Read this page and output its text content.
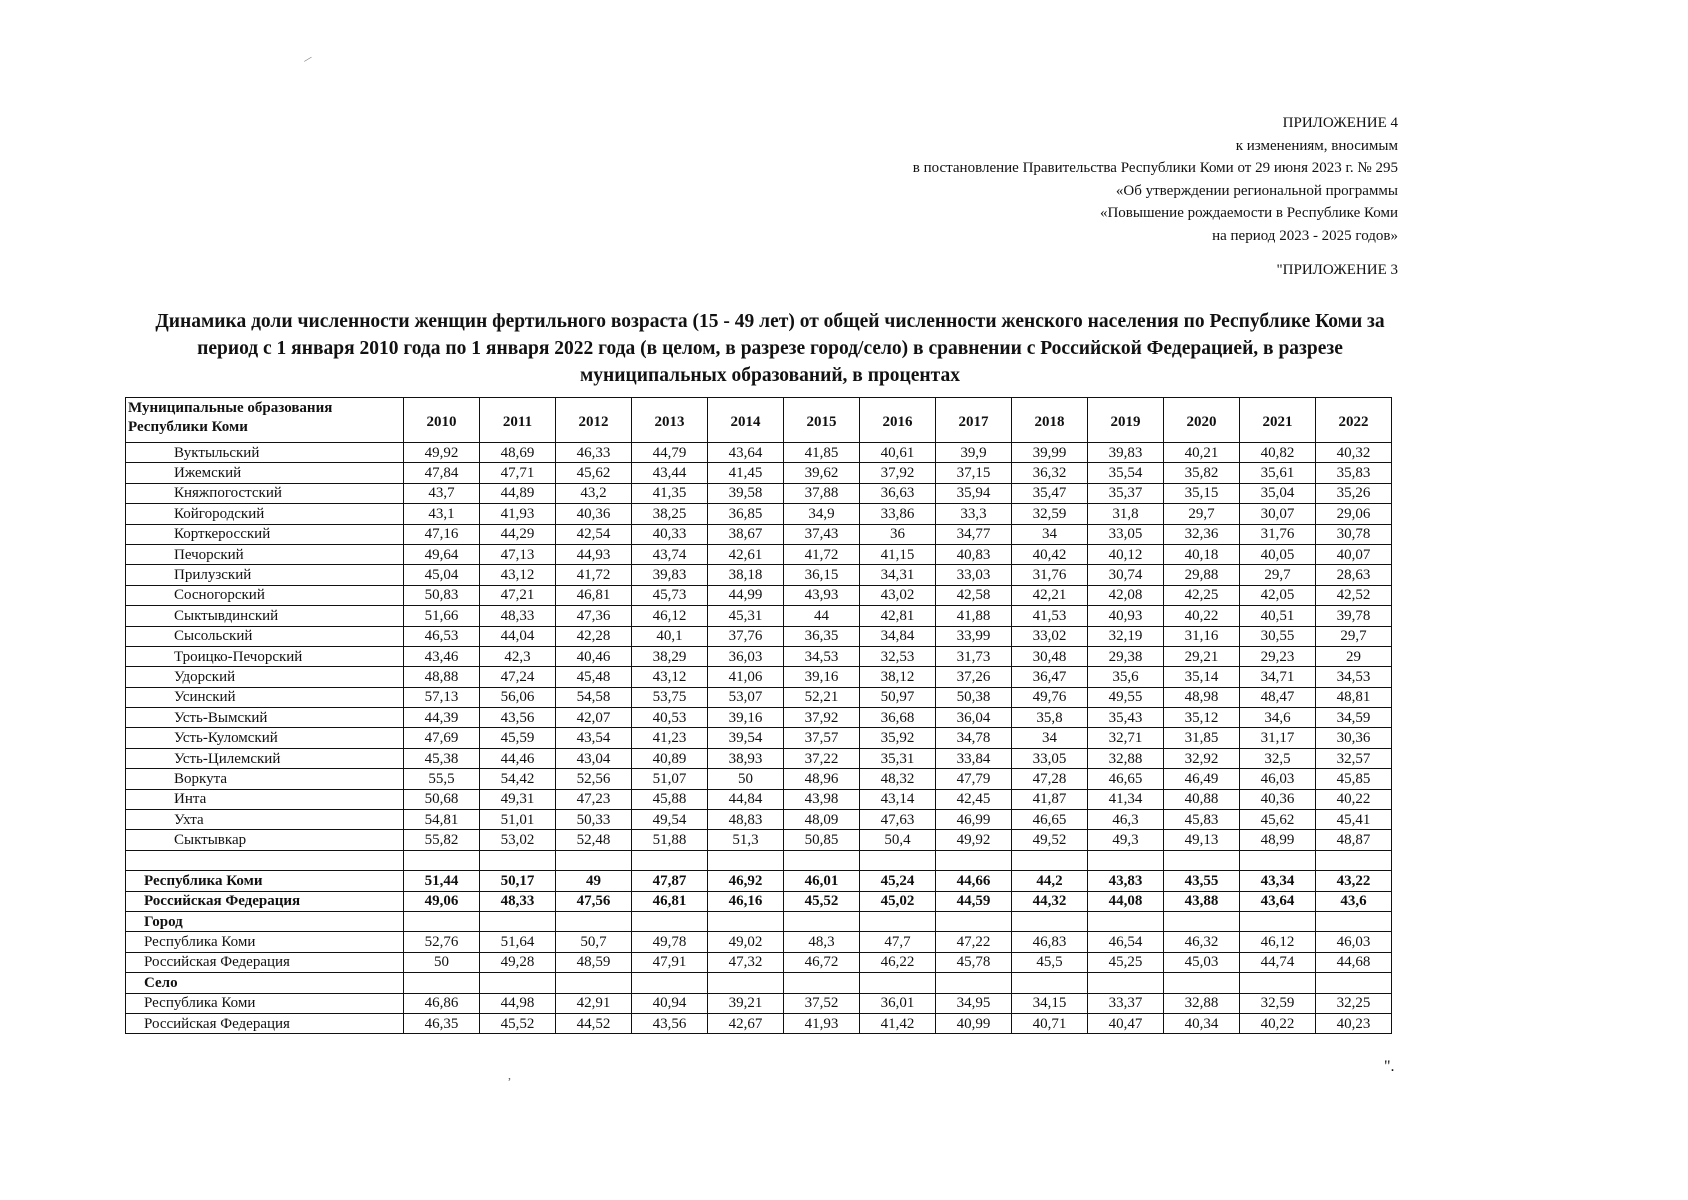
ПРИЛОЖЕНИЕ 4
к изменениям, вносимым
в постановление Правительства Республики Коми от 29 июня 2023 г. № 295
«Об утверждении региональной программы
«Повышение рождаемости в Республике Коми
на период 2023 - 2025 годов»
"ПРИЛОЖЕНИЕ 3
Динамика доли численности женщин фертильного возраста (15 - 49 лет) от общей численности женского населения по Республике Коми за период с 1 января 2010 года по 1 января 2022 года (в целом, в разрезе город/село) в сравнении с Российской Федерацией, в разрезе муниципальных образований, в процентах
Муниципальные образования
Республики Коми	2010	2011	2012	2013	2014	2015	2016	2017	2018	2019	2020	2021	2022
Вуктыльский	49,92	48,69	46,33	44,79	43,64	41,85	40,61	39,9	39,99	39,83	40,21	40,82	40,32
Ижемский	47,84	47,71	45,62	43,44	41,45	39,62	37,92	37,15	36,32	35,54	35,82	35,61	35,83
Княжпогостский	43,7	44,89	43,2	41,35	39,58	37,88	36,63	35,94	35,47	35,37	35,15	35,04	35,26
Койгородский	43,1	41,93	40,36	38,25	36,85	34,9	33,86	33,3	32,59	31,8	29,7	30,07	29,06
Корткеросский	47,16	44,29	42,54	40,33	38,67	37,43	36	34,77	34	33,05	32,36	31,76	30,78
Печорский	49,64	47,13	44,93	43,74	42,61	41,72	41,15	40,83	40,42	40,12	40,18	40,05	40,07
Прилузский	45,04	43,12	41,72	39,83	38,18	36,15	34,31	33,03	31,76	30,74	29,88	29,7	28,63
Сосногорский	50,83	47,21	46,81	45,73	44,99	43,93	43,02	42,58	42,21	42,08	42,25	42,05	42,52
Сыктывдинский	51,66	48,33	47,36	46,12	45,31	44	42,81	41,88	41,53	40,93	40,22	40,51	39,78
Сысольский	46,53	44,04	42,28	40,1	37,76	36,35	34,84	33,99	33,02	32,19	31,16	30,55	29,7
Троицко-Печорский	43,46	42,3	40,46	38,29	36,03	34,53	32,53	31,73	30,48	29,38	29,21	29,23	29
Удорский	48,88	47,24	45,48	43,12	41,06	39,16	38,12	37,26	36,47	35,6	35,14	34,71	34,53
Усинский	57,13	56,06	54,58	53,75	53,07	52,21	50,97	50,38	49,76	49,55	48,98	48,47	48,81
Усть-Вымский	44,39	43,56	42,07	40,53	39,16	37,92	36,68	36,04	35,8	35,43	35,12	34,6	34,59
Усть-Куломский	47,69	45,59	43,54	41,23	39,54	37,57	35,92	34,78	34	32,71	31,85	31,17	30,36
Усть-Цилемский	45,38	44,46	43,04	40,89	38,93	37,22	35,31	33,84	33,05	32,88	32,92	32,5	32,57
Воркута	55,5	54,42	52,56	51,07	50	48,96	48,32	47,79	47,28	46,65	46,49	46,03	45,85
Инта	50,68	49,31	47,23	45,88	44,84	43,98	43,14	42,45	41,87	41,34	40,88	40,36	40,22
Ухта	54,81	51,01	50,33	49,54	48,83	48,09	47,63	46,99	46,65	46,3	45,83	45,62	45,41
Сыктывкар	55,82	53,02	52,48	51,88	51,3	50,85	50,4	49,92	49,52	49,3	49,13	48,99	48,87

Республика Коми	51,44	50,17	49	47,87	46,92	46,01	45,24	44,66	44,2	43,83	43,55	43,34	43,22
Российская Федерация	49,06	48,33	47,56	46,81	46,16	45,52	45,02	44,59	44,32	44,08	43,88	43,64	43,6
Город													
Республика Коми	52,76	51,64	50,7	49,78	49,02	48,3	47,7	47,22	46,83	46,54	46,32	46,12	46,03
Российская Федерация	50	49,28	48,59	47,91	47,32	46,72	46,22	45,78	45,5	45,25	45,03	44,74	44,68
Село													
Республика Коми	46,86	44,98	42,91	40,94	39,21	37,52	36,01	34,95	34,15	33,37	32,88	32,59	32,25
Российская Федерация	46,35	45,52	44,52	43,56	42,67	41,93	41,42	40,99	40,71	40,47	40,34	40,22	40,23
".
,
/
